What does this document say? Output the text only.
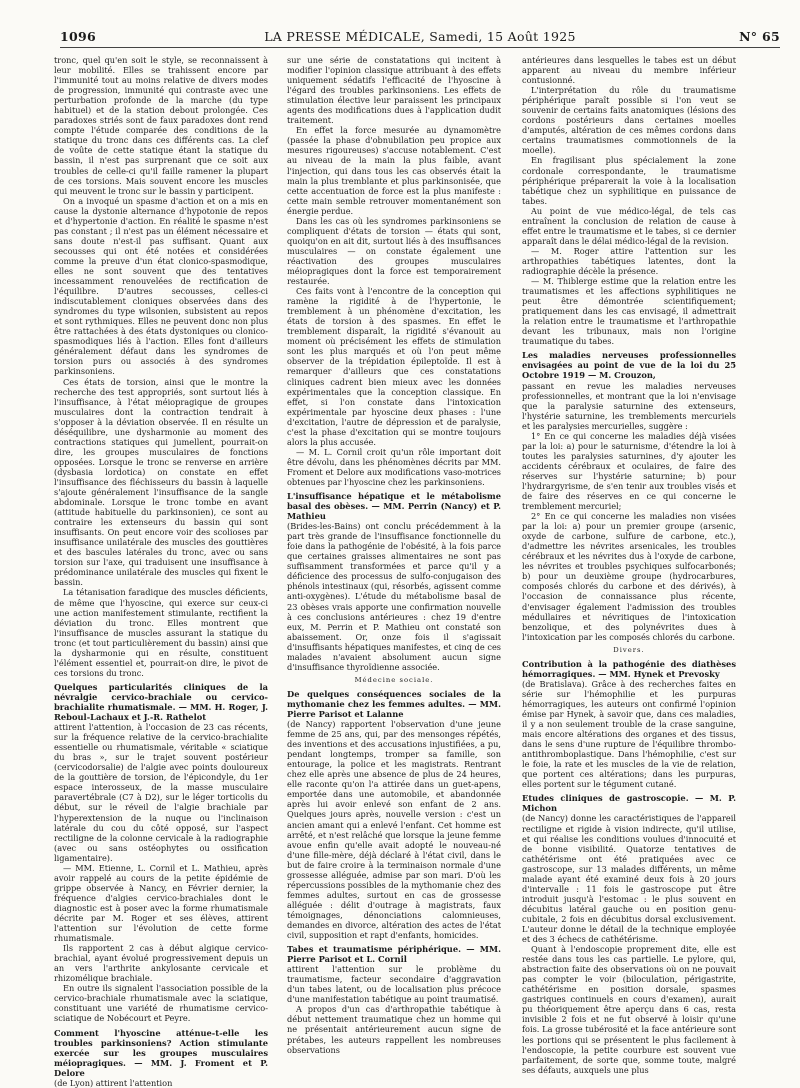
1096	LA PRESSE MÉDICALE, Samedi, 15 Août 1925	N° 65

tronc, quel qu'en soit le style, se reconnaissent à leur mobilité. Elles se trahissent encore par l'immunité tout au moins relative de divers modes de progression, immunité qui contraste avec une perturbation profonde de la marche (du type habituel) et de la station debout prolongée. Ces paradoxes striés sont de faux paradoxes dont rend compte l'étude comparée des conditions de la statique du tronc dans ces différents cas. La clef de voûte de cette statique étant la statique du bassin, il n'est pas surprenant que ce soit aux troubles de celle-ci qu'il faille ramener la plupart de ces torsions. Mais souvent encore les muscles qui meuvent le tronc sur le bassin y participent.

On a invoqué un spasme d'action et on a mis en cause la dystonie alternance d'hypotonie de repos et d'hypertonie d'action. En réalité le spasme n'est pas constant ; il n'est pas un élément nécessaire et sans doute n'est-il pas suffisant. Quant aux secousses qui ont été notées et considérées comme la preuve d'un état clonico-spasmodique, elles ne sont souvent que des tentatives incessamment renouvelées de rectification de l'équilibre. D'autres secousses, celles-ci indiscutablement cloniques observées dans des syndromes du type wilsonien, subsistent au repos et sont rythmiques. Elles ne peuvent donc non plus être rattachées à des états dystoniques ou clonico-spasmodiques liés à l'action. Elles font d'ailleurs généralement défaut dans les syndromes de torsion purs ou associés à des syndromes parkinsoniens.

Ces états de torsion, ainsi que le montre la recherche des test appropriés, sont surtout liés à l'insuffisance, à l'état méiopragique de groupes musculaires dont la contraction tendrait à s'opposer à la déviation observée. Il en résulte un déséquilibre, une dysharmonie au moment des contractions statiques qui jumellent, pourrait-on dire, les groupes musculaires de fonctions opposées. Lorsque le tronc se renverse en arrière (dysbasia lordotica) on constate en effet l'insuffisance des fléchisseurs du bassin à laquelle s'ajoute généralement l'insuffisance de la sangle abdominale. Lorsque le tronc tombe en avant (attitude habituelle du parkinsonien), ce sont au contraire les extenseurs du bassin qui sont insuffisants. On peut encore voir des scolioses par insuffisance unilatérale des muscles des gouttières et des bascules latérales du tronc, avec ou sans torsion sur l'axe, qui traduisent une insuffisance à prédominance unilatérale des muscles qui fixent le bassin.

La tétanisation faradique des muscles déficients, de même que l'hyoscine, qui exerce sur ceux-ci une action manifestement stimulante, rectifient la déviation du tronc. Elles montrent que l'insuffisance de muscles assurant la statique du tronc (et tout particulièrement du bassin) ainsi que la dysharmonie qui en résulte, constituent l'élément essentiel et, pourrait-on dire, le pivot de ces torsions du tronc.

Quelques particularités cliniques de la névralgie cervico-brachiale ou cervico-brachialite rhumatismale. — MM. H. Roger, J. Reboul-Lachaux et J.-R. Rathelot

attirent l'attention, à l'occasion de 23 cas récents, sur la fréquence relative de la cervico-brachialite essentielle ou rhumatismale, véritable « sciatique du bras », sur le trajet souvent postérieur (cervicodorsalie) de l'algie avec points douloureux de la gouttière de torsion, de l'épicondyle, du 1er espace interosseux, de la masse musculaire paravertébrale (C7 à D2), sur le léger torticolis du début, sur le réveil de l'algie brachiale par l'hyperextension de la nuque ou l'inclinaison latérale du cou du côté opposé, sur l'aspect rectiligne de la colonne cervicale à la radiographie (avec ou sans ostéophytes ou ossification ligamentaire).

— MM. Etienne, L. Cornil et L. Mathieu, après avoir rappelé au cours de la petite épidémie de grippe observée à Nancy, en Février dernier, la fréquence d'algies cervico-brachiales dont le diagnostic est à poser avec la forme rhumatismale décrite par M. Roger et ses élèves, attirent l'attention sur l'évolution de cette forme rhumatismale.

Ils rapportent 2 cas à début algique cervico-brachial, ayant évolué progressivement depuis un an vers l'arthrite ankylosante cervicale et rhizomélique brachiale.

En outre ils signalent l'association possible de la cervico-brachiale rhumatismale avec la sciatique, constituant une variété de rhumatisme cervico-sciatique de Nobécourt et Peyre.

Comment l'hyoscine atténue-t-elle les troubles parkinsoniens? Action stimulante exercée sur les groupes musculaires méiopragiques. — MM. J. Froment et P. Delore

(de Lyon) attirent l'attention

sur une série de constatations qui incitent à modifier l'opinion classique attribuant à des effets uniquement sédatifs l'efficacité de l'hyoscine à l'égard des troubles parkinsoniens. Les effets de stimulation élective leur paraissent les principaux agents des modifications dues à l'application dudit traitement.

En effet la force mesurée au dynamomètre (passée la phase d'obnubilation peu propice aux mesures rigoureuses) s'accuse notablement. C'est au niveau de la main la plus faible, avant l'injection, qui dans tous les cas observés était la main la plus tremblante et plus parkinsonisée, que cette accentuation de force est la plus manifeste : cette main semble retrouver momentanément son énergie perdue.

Dans les cas où les syndromes parkinsoniens se compliquent d'états de torsion — états qui sont, quoiqu'on en ait dit, surtout liés à des insuffisances musculaires — on constate également une réactivation des groupes musculaires méiopragiques dont la force est temporairement restaurée.

Ces faits vont à l'encontre de la conception qui ramène la rigidité à de l'hypertonie, le tremblement à un phénomène d'excitation, les états de torsion à des spasmes. En effet le tremblement disparaît, la rigidité s'évanouit au moment où précisément les effets de stimulation sont les plus marqués et où l'on peut même observer de la trépidation épileptoïde. Il est à remarquer d'ailleurs que ces constatations cliniques cadrent bien mieux avec les données expérimentales que la conception classique. En effet, si l'on constate dans l'intoxication expérimentale par hyoscine deux phases : l'une d'excitation, l'autre de dépression et de paralysie, c'est la phase d'excitation qui se montre toujours alors la plus accusée.

— M. L. Cornil croit qu'un rôle important doit être dévolu, dans les phénomènes décrits par MM. Froment et Delore aux modifications vaso-motrices obtenues par l'hyoscine chez les parkinsoniens.

L'insuffisance hépatique et le métabolisme basal des obèses. — MM. Perrin (Nancy) et P. Mathieu

(Brides-les-Bains) ont conclu précédemment à la part très grande de l'insuffisance fonctionnelle du foie dans la pathogénie de l'obésité, à la fois parce que certaines graisses alimentaires ne sont pas suffisamment transformées et parce qu'il y a déficience des processus de sulfo-conjugaison des phénols intestinaux (qui, résorbés, agissent comme anti-oxygènes). L'étude du métabolisme basal de 23 obèses vrais apporte une confirmation nouvelle à ces conclusions antérieures : chez 19 d'entre eux, M. Perrin et P. Mathieu ont constaté son abaissement. Or, onze fois il s'agissait d'insuffisants hépatiques manifestes, et cinq de ces malades n'avaient absolument aucun signe d'insuffisance thyroïdienne associée.

Médecine sociale.
De quelques conséquences sociales de la mythomanie chez les femmes adultes. — MM. Pierre Parisot et Lalanne

(de Nancy) rapportent l'observation d'une jeune femme de 25 ans, qui, par des mensonges répétés, des inventions et des accusations injustifiées, a pu, pendant longtemps, tromper sa famille, son entourage, la police et les magistrats. Rentrant chez elle après une absence de plus de 24 heures, elle raconte qu'on l'a attirée dans un guet-apens, emportée dans une automobile, et abandonnée après lui avoir enlevé son enfant de 2 ans. Quelques jours après, nouvelle version : c'est un ancien amant qui a enlevé l'enfant. Cet homme est arrêté, et n'est relâché que lorsque la jeune femme avoue enfin qu'elle avait adopté le nouveau-né d'une fille-mère, déjà déclaré à l'état civil, dans le but de faire croire à la terminaison normale d'une grossesse alléguée, admise par son mari. D'où les répercussions possibles de la mythomanie chez des femmes adultes, surtout en cas de grossesse alléguée : délit d'outrage à magistrats, faux témoignages, dénonciations calomnieuses, demandes en divorce, altération des actes de l'état civil, supposition et rapt d'enfants, homicides.

Tabes et traumatisme périphérique. — MM. Pierre Parisot et L. Cornil

attirent l'attention sur le problème du traumatisme, facteur secondaire d'aggravation d'un tabes latent, ou de localisation plus précoce d'une manifestation tabétique au point traumatisé.

A propos d'un cas d'arthropathie tabétique à début nettement traumatique chez un homme qui ne présentait antérieurement aucun signe de prétabes, les auteurs rappellent les nombreuses observations

antérieures dans lesquelles le tabes est un début apparent au niveau du membre inférieur contusionné.

L'interprétation du rôle du traumatisme périphérique paraît possible si l'on veut se souvenir de certains faits anatomiques (lésions des cordons postérieurs dans certaines moelles d'amputés, altération de ces mêmes cordons dans certains traumatismes commotionnels de la moelle).

En fragilisant plus spécialement la zone cordonale correspondante, le traumatisme périphérique préparerait la voie à la localisation tabétique chez un syphilitique en puissance de tabes.

Au point de vue médico-légal, de tels cas entraînent la conclusion de relation de cause à effet entre le traumatisme et le tabes, si ce dernier apparaît dans le délai médico-légal de la revision.

— M. Roger attire l'attention sur les arthropathies tabétiques latentes, dont la radiographie décèle la présence.

— M. Thiblerge estime que la relation entre les traumatismes et les affections syphilitiques ne peut être démontrée scientifiquement; pratiquement dans les cas envisagé, il admettrait la relation entre le traumatisme et l'arthropathie devant les tribunaux, mais non l'origine traumatique du tabes.

Les maladies nerveuses professionnelles envisagées au point de vue de la loi du 25 Octobre 1919 — M. Crouzon,

passant en revue les maladies nerveuses professionnelles, et montrant que la loi n'envisage que la paralysie saturnine des extenseurs, l'hystérie saturnine, les tremblements mercuriels et les paralysies mercurielles, suggère :

1° En ce qui concerne les maladies déjà visées par la loi: a) pour le saturnisme, d'étendre la loi à toutes les paralysies saturnines, d'y ajouter les accidents cérébraux et oculaires, de faire des réserves sur l'hystérie saturnine; b) pour l'hydrargyrisme, de s'en tenir aux troubles visés et de faire des réserves en ce qui concerne le tremblement mercuriel;

2° En ce qui concerne les maladies non visées par la loi: a) pour un premier groupe (arsenic, oxyde de carbone, sulfure de carbone, etc.), d'admettre les névrites arsenicales, les troubles cérébraux et les névrites dus à l'oxyde de carbone, les névrites et troubles psychiques sulfocarbonés; b) pour un deuxième groupe (hydrocarbures, composés chlorés du carbone et des dérivés), à l'occasion de connaissance plus récente, d'envisager également l'admission des troubles médullaires et névritiques de l'intoxication benzolique, et des polynévrites dues à l'intoxication par les composés chlorés du carbone.

Divers.
Contribution à la pathogénie des diathèses hémorragiques. — MM. Hynek et Prevosky

(de Bratislava). Grâce à des recherches faites en série sur l'hémophilie et les purpuras hémorragiques, les auteurs ont confirmé l'opinion émise par Hynek, à savoir que, dans ces maladies, il y a non seulement trouble de la crase sanguine, mais encore altérations des organes et des tissus, dans le sens d'une rupture de l'équilibre thrombo-antithromboplastique. Dans l'hémophilie, c'est sur le foie, la rate et les muscles de la vie de relation, que portent ces altérations; dans les purpuras, elles portent sur le tégument cutané.

Etudes cliniques de gastroscopie. — M. P. Michon

(de Nancy) donne les caractéristiques de l'appareil rectiligne et rigide à vision indirecte, qu'il utilise, et qui réalise les conditions voulues d'innocuité et de bonne visibilité. Quatorze tentatives de cathétérisme ont été pratiquées avec ce gastroscope, sur 13 malades différents, un même malade ayant été examiné deux fois à 20 jours d'intervalle : 11 fois le gastroscope put être introduit jusqu'à l'estomac : le plus souvent en décubitus latéral gauche ou en position genu-cubitale, 2 fois en décubitus dorsal exclusivement. L'auteur donne le détail de la technique employée et des 3 échecs de cathétérisme.

Quant à l'endoscopie proprement dite, elle est restée dans tous les cas partielle. Le pylore, qui, abstraction faite des observations où on ne pouvait pas compter le voir (biloculation, périgastrite, cathétérisme en position dorsale, spasmes gastriques continuels en cours d'examen), aurait pu théoriquement être aperçu dans 6 cas, resta invisible 2 fois et ne fut observé à loisir qu'une fois. La grosse tubérosité et la face antérieure sont les portions qui se présentent le plus facilement à l'endoscopie, la petite courbure est souvent vue parfaitement, de sorte que, somme toute, malgré ses défauts, auxquels une plus
